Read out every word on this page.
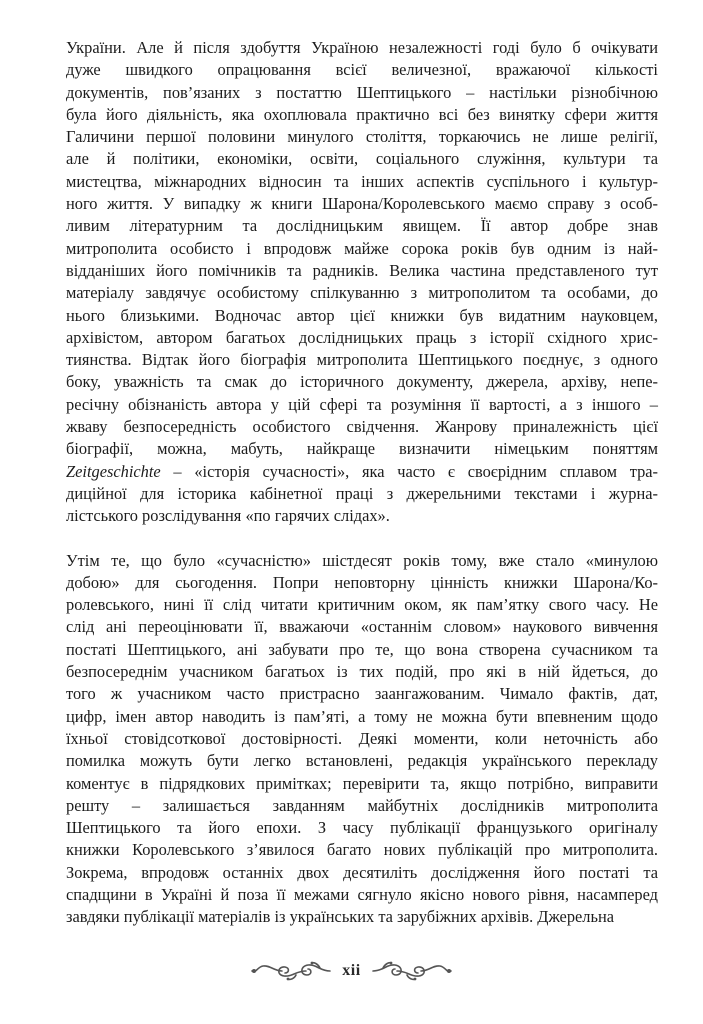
України. Але й після здобуття Україною незалежності годі було б очікувати
дуже швидкого опрацювання всієї величезної, вражаючої кількості
документів, пов’язаних з постаттю Шептицького – настільки різнобічною
була його діяльність, яка охоплювала практично всі без винятку сфери життя
Галичини першої половини минулого століття, торкаючись не лише релігії,
але й політики, економіки, освіти, соціального служіння, культури та
мистецтва, міжнародних відносин та інших аспектів суспільного і культур-
ного життя. У випадку ж книги Шарона/Королевського маємо справу з особ-
ливим літературним та дослідницьким явищем. Її автор добре знав
митрополита особисто і впродовж майже сорока років був одним із най-
відданіших його помічників та радників. Велика частина представленого тут
матеріалу завдячує особистому спілкуванню з митрополитом та особами, до
нього близькими. Водночас автор цієї книжки був видатним науковцем,
архівістом, автором багатьох дослідницьких праць з історії східного хрис-
тиянства. Відтак його біографія митрополита Шептицького поєднує, з одного
боку, уважність та смак до історичного документу, джерела, архіву, непе-
ресічну обізнаність автора у цій сфері та розуміння її вартості, а з іншого –
жваву безпосередність особистого свідчення. Жанрову приналежність цієї
біографії, можна, мабуть, найкраще визначити німецьким поняттям
Zeitgeschichte – «історія сучасності», яка часто є своєрідним сплавом тра-
диційної для історика кабінетної праці з джерельними текстами і журна-
лістського розслідування «по гарячих слідах».
Утім те, що було «сучасністю» шістдесят років тому, вже стало «минулою
добою» для сьогодення. Попри неповторну цінність книжки Шарона/Ко-
ролевського, нині її слід читати критичним оком, як пам’ятку свого часу. Не
слід ані переоцінювати її, вважаючи «останнім словом» наукового вивчення
постаті Шептицького, ані забувати про те, що вона створена сучасником та
безпосереднім учасником багатьох із тих подій, про які в ній йдеться, до
того ж учасником часто пристрасно заангажованим. Чимало фактів, дат,
цифр, імен автор наводить із пам’яті, а тому не можна бути впевненим щодо
їхньої стовідсоткової достовірності. Деякі моменти, коли неточність або
помилка можуть бути легко встановлені, редакція українського перекладу
коментує в підрядкових примітках; перевірити та, якщо потрібно, виправити
решту – залишається завданням майбутніх дослідників митрополита
Шептицького та його епохи. З часу публікації французького оригіналу
книжки Королевського з’явилося багато нових публікацій про митрополита.
Зокрема, впродовж останніх двох десятиліть дослідження його постаті та
спадщини в Україні й поза її межами сягнуло якісно нового рівня, насамперед
завдяки публікації матеріалів із українських та зарубіжних архівів. Джерельна
xii
